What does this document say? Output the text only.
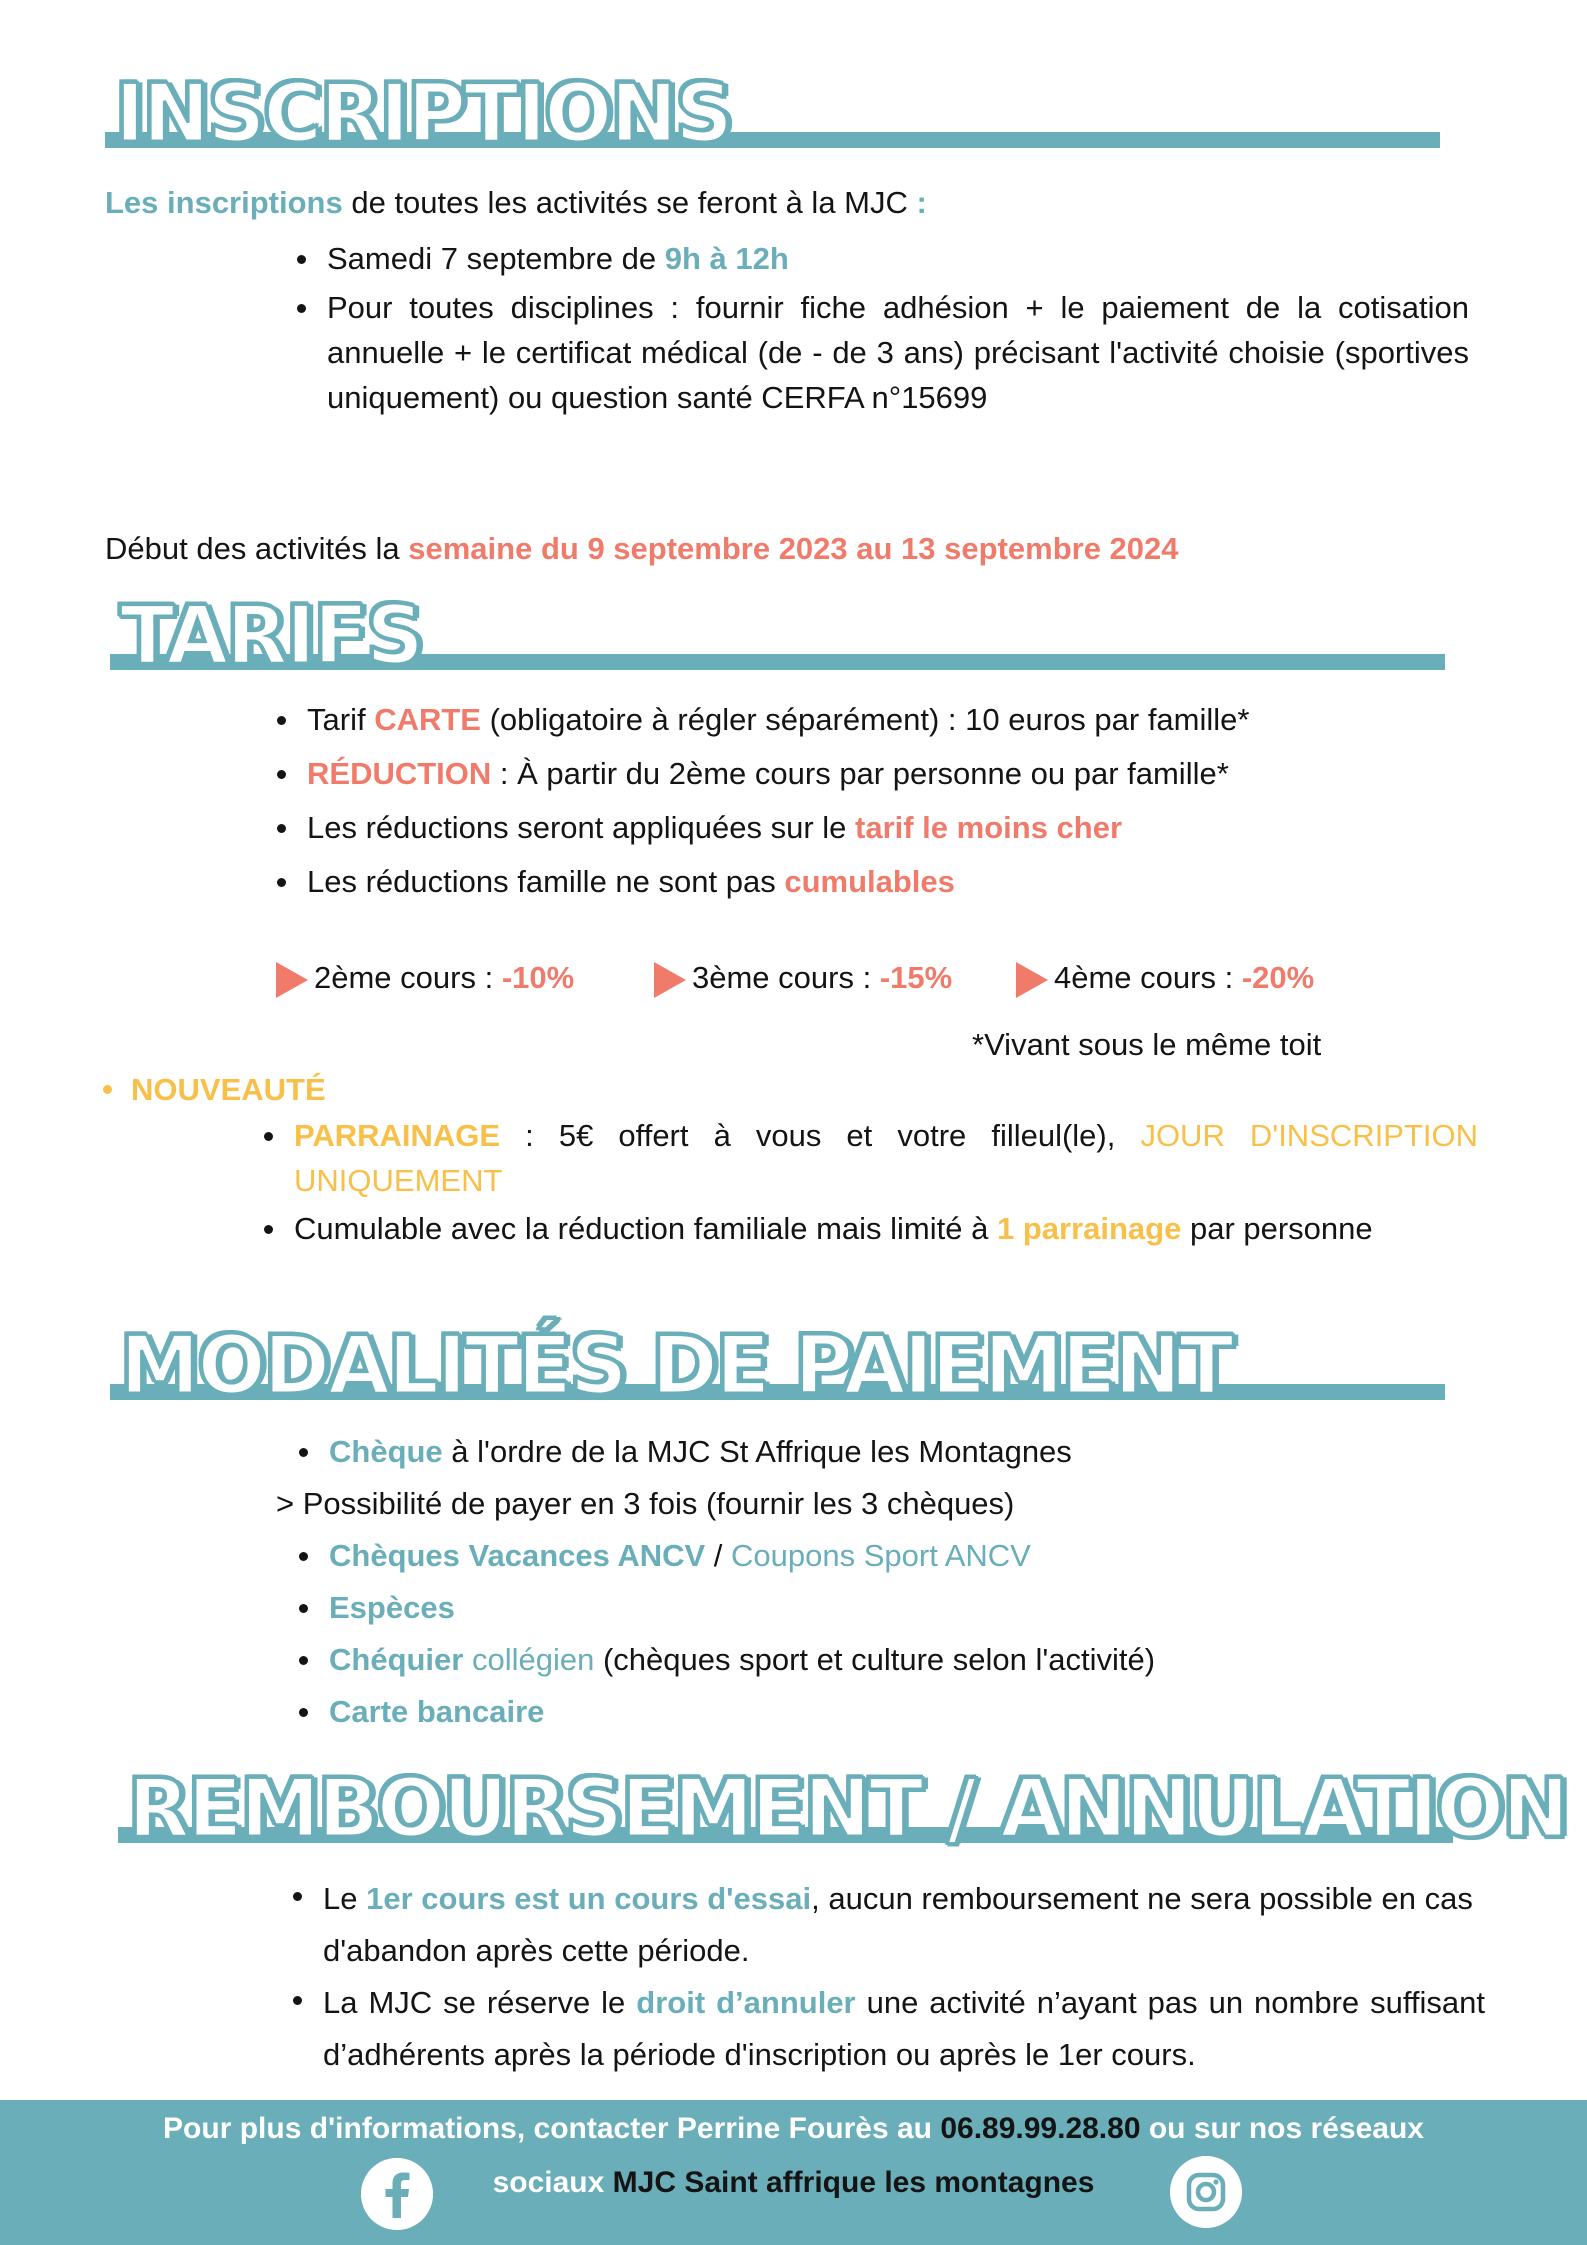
INSCRIPTIONS
Les inscriptions de toutes les activités se feront à la MJC :
Samedi 7 septembre de 9h à 12h
Pour toutes disciplines : fournir fiche adhésion + le paiement de la cotisation annuelle + le certificat médical (de - de 3 ans) précisant l'activité choisie (sportives uniquement) ou question santé CERFA n°15699
Début des activités la semaine du 9 septembre 2023 au 13 septembre 2024
TARIFS
Tarif CARTE (obligatoire à régler séparément) : 10 euros par famille*
RÉDUCTION : À partir du 2ème cours par personne ou par famille*
Les réductions seront appliquées sur le tarif le moins cher
Les réductions famille ne sont pas cumulables
2ème cours : -10%	3ème cours : -15%	4ème cours : -20%
*Vivant sous le même toit
NOUVEAUTÉ
PARRAINAGE : 5€ offert à vous et votre filleul(le), JOUR D'INSCRIPTION UNIQUEMENT
Cumulable avec la réduction familiale mais limité à 1 parrainage par personne
MODALITÉS DE PAIEMENT
Chèque à l'ordre de la MJC St Affrique les Montagnes
> Possibilité de payer en 3 fois (fournir les 3 chèques)
Chèques Vacances ANCV / Coupons Sport ANCV
Espèces
Chéquier collégien (chèques sport et culture selon l'activité)
Carte bancaire
REMBOURSEMENT / ANNULATION
Le 1er cours est un cours d'essai, aucun remboursement ne sera possible en cas d'abandon après cette période.
La MJC se réserve le droit d’annuler une activité n’ayant pas un nombre suffisant d’adhérents après la période d'inscription ou après le 1er cours.
Pour plus d'informations, contacter Perrine Fourès au 06.89.99.28.80 ou sur nos réseaux
sociaux MJC Saint affrique les montagnes
